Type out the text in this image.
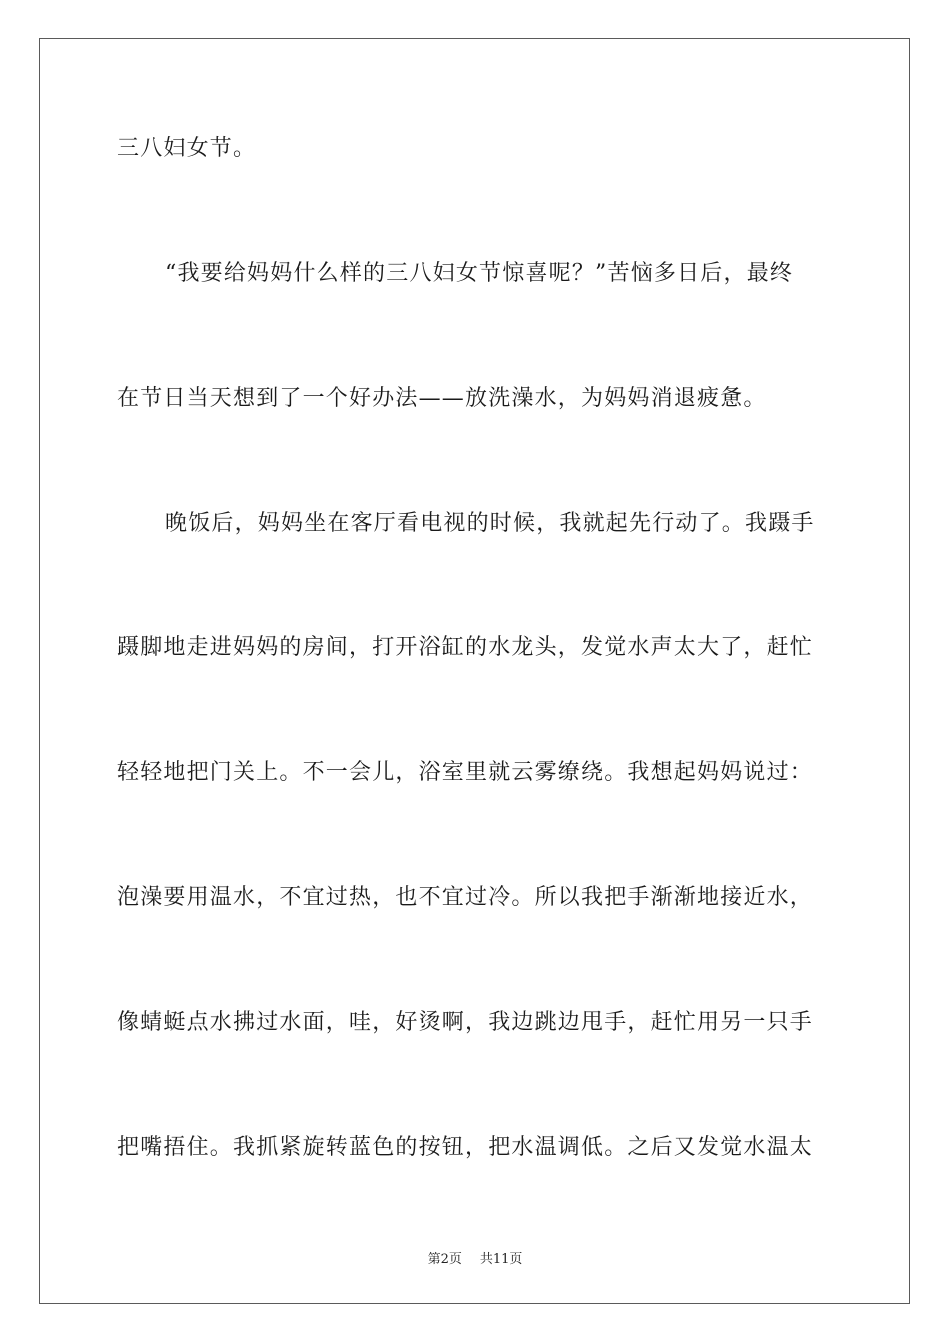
三八妇女节。
“我要给妈妈什么样的三八妇女节惊喜呢？”苦恼多日后，最终
在节日当天想到了一个好办法——放洗澡水，为妈妈消退疲惫。
晚饭后，妈妈坐在客厅看电视的时候，我就起先行动了。我蹑手
蹑脚地走进妈妈的房间，打开浴缸的水龙头，发觉水声太大了，赶忙
轻轻地把门关上。不一会儿，浴室里就云雾缭绕。我想起妈妈说过：
泡澡要用温水，不宜过热，也不宜过冷。所以我把手渐渐地接近水，
像蜻蜓点水拂过水面，哇，好烫啊，我边跳边甩手，赶忙用另一只手
把嘴捂住。我抓紧旋转蓝色的按钮，把水温调低。之后又发觉水温太
第2页 共11页
